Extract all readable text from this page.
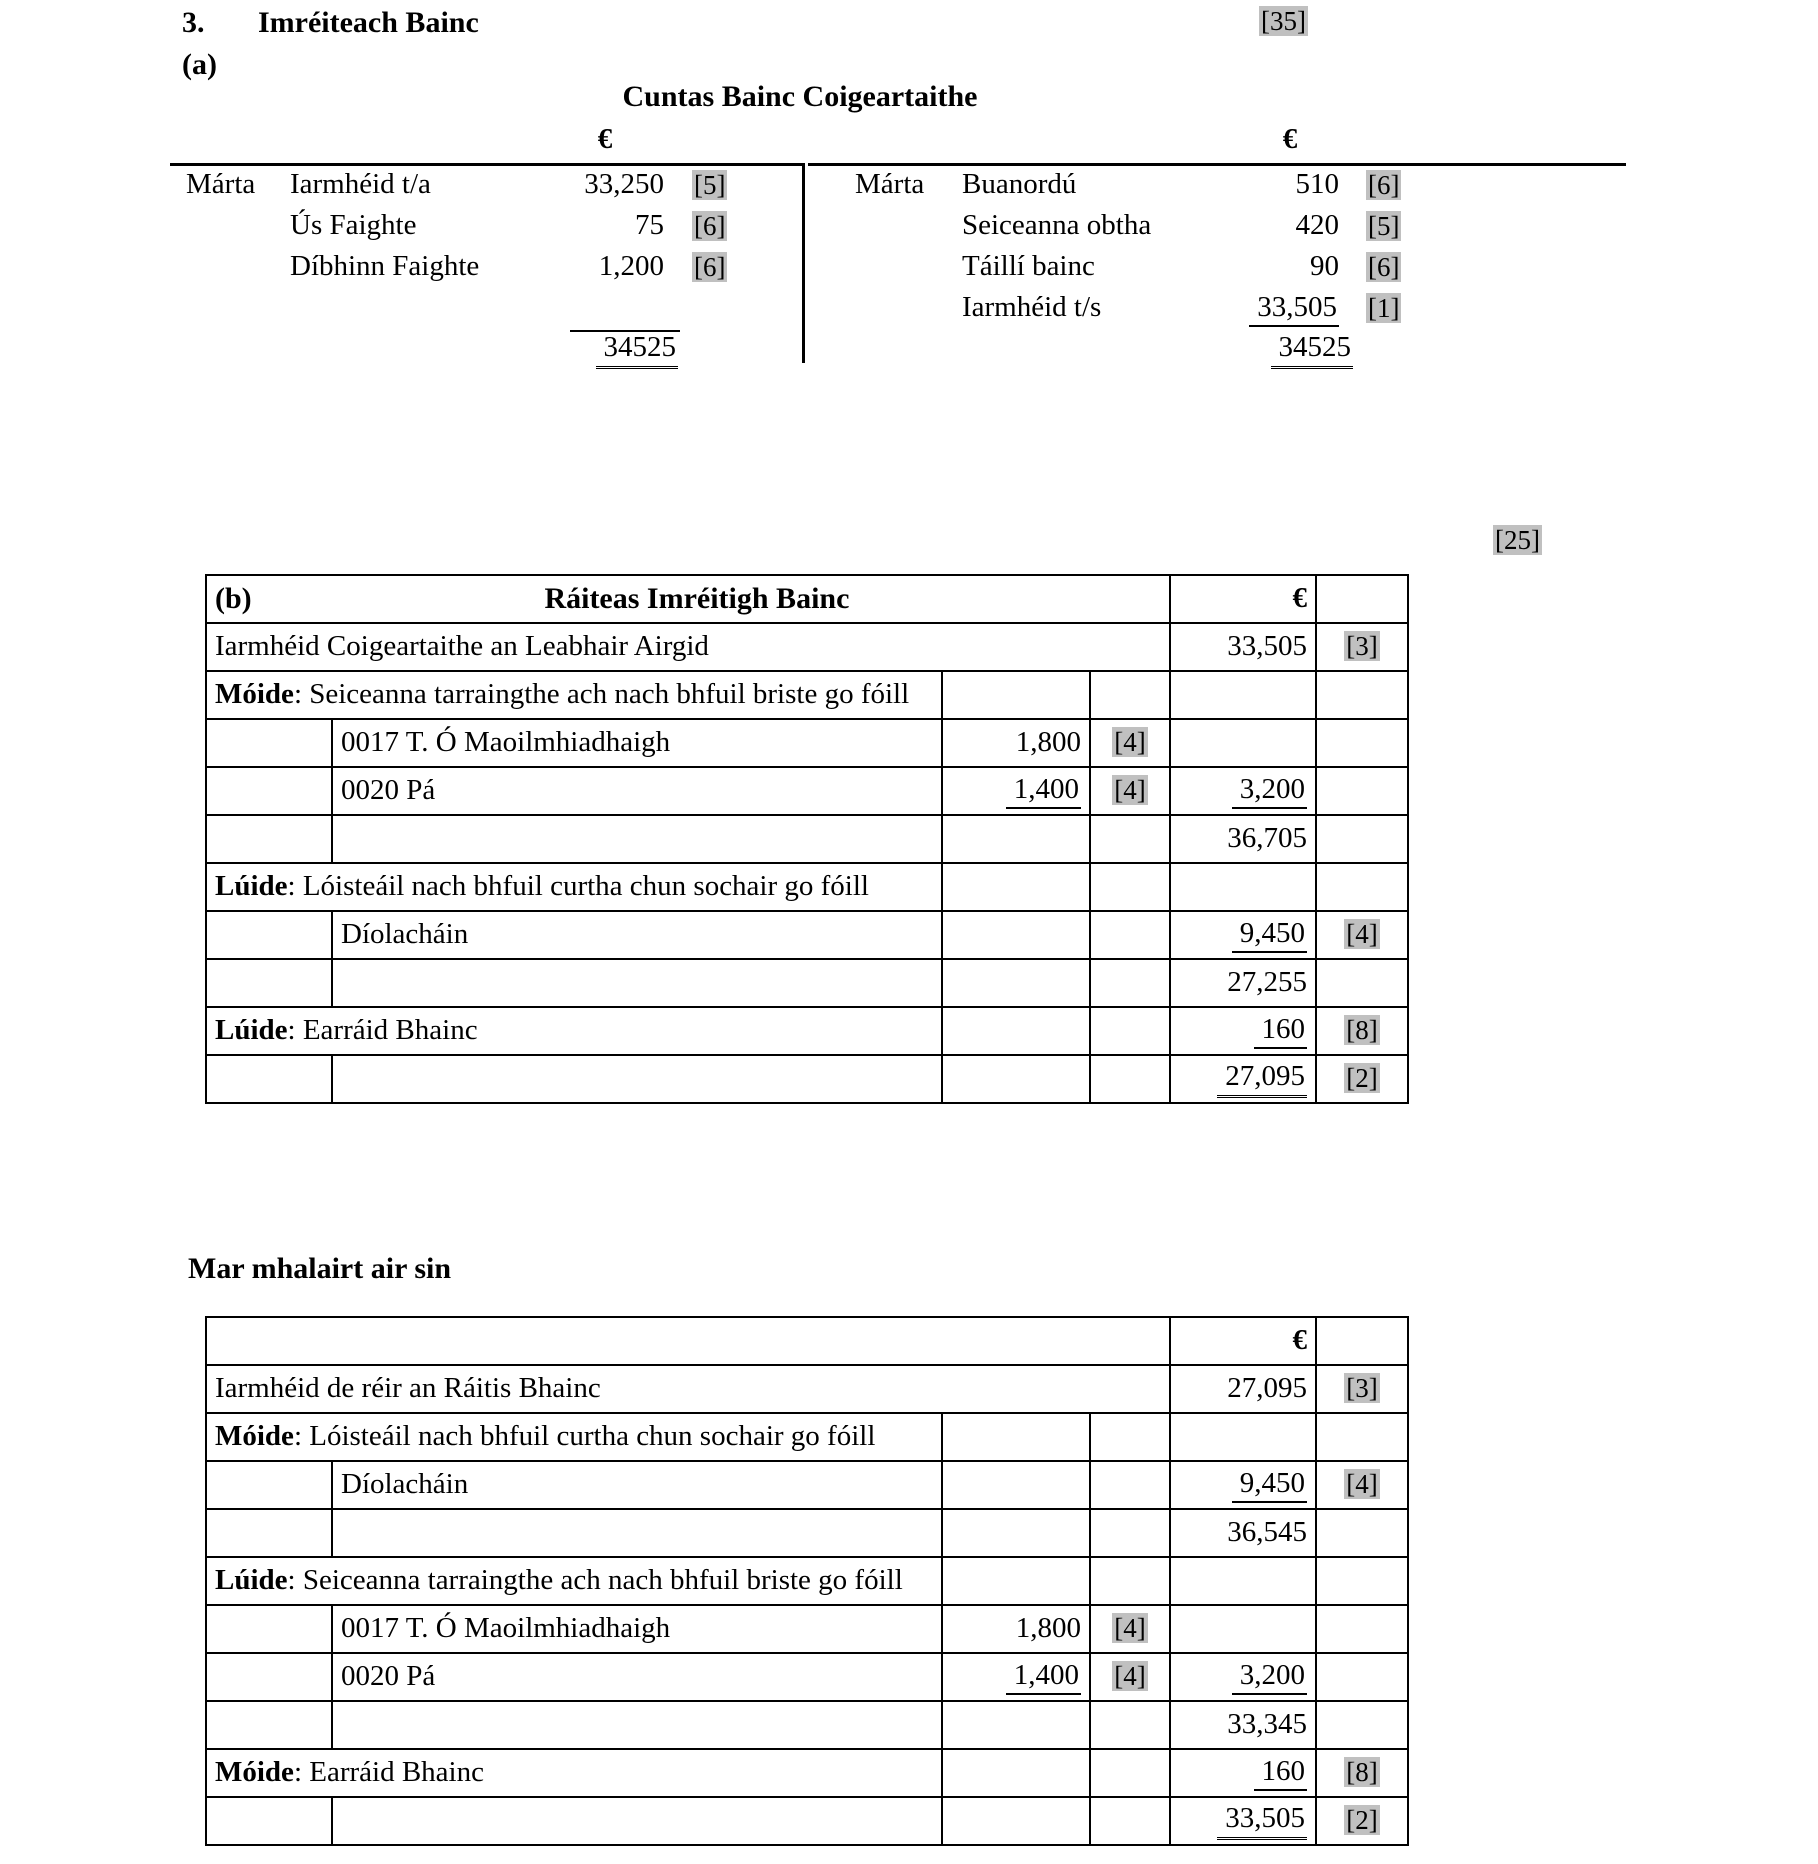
3. Imréiteach Bainc	[35]
(a)
Cuntas Bainc Coigeartaithe
€	€
Márta Iarmhéid t/a	33,250 [5]
Ús Faighte	75 [6]
Díbhinn Faighte	1,200 [6]
34525
Márta Buanordú	510 [6]
Seiceanna obtha	420 [5]
Táillí bainc	90 [6]
Iarmhéid t/s	33,505 [1]
34525
[25]
(b) Ráiteas Imréitigh Bainc				€	
Iarmhéid Coigeartaithe an Leabhair Airgid				33,505	[3]
Móide: Seiceanna tarraingthe ach nach bhfuil briste go fóill					
	0017 T. Ó Maoilmhiadhaigh	1,800	[4]		
	0020 Pá	1,400	[4]	3,200	
				36,705	
Lúide: Lóisteáil nach bhfuil curtha chun sochair go fóill					
	Díolacháin			9,450	[4]
				27,255	
Lúide: Earráid Bhainc				160	[8]
				27,095	[2]
Mar mhalairt air sin
				€	
Iarmhéid de réir an Ráitis Bhainc				27,095	[3]
Móide: Lóisteáil nach bhfuil curtha chun sochair go fóill					
	Díolacháin			9,450	[4]
				36,545	
Lúide: Seiceanna tarraingthe ach nach bhfuil briste go fóill					
	0017 T. Ó Maoilmhiadhaigh	1,800	[4]		
	0020 Pá	1,400	[4]	3,200	
				33,345	
Móide: Earráid Bhainc				160	[8]
				33,505	[2]
